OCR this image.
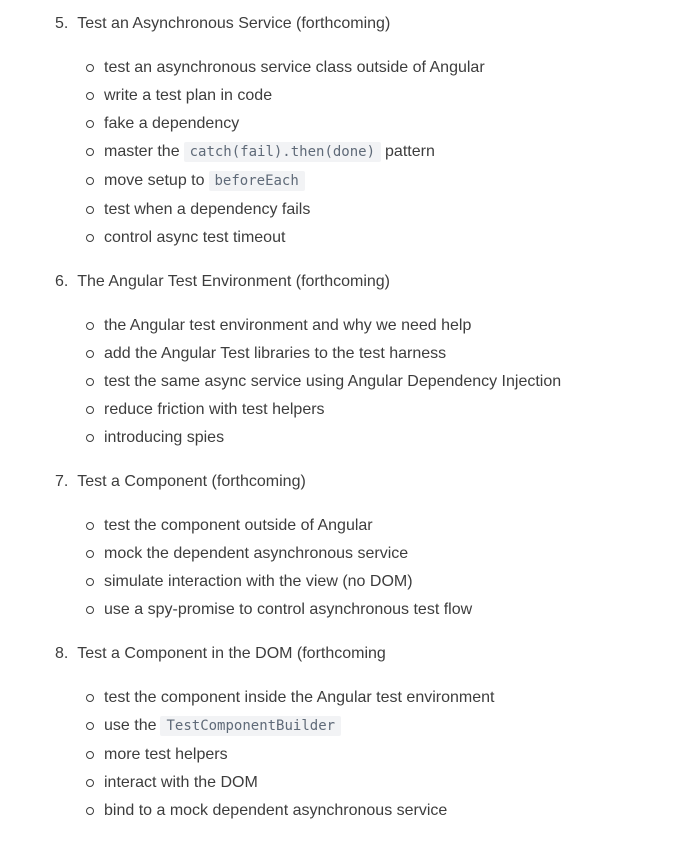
5.  Test an Asynchronous Service (forthcoming)
test an asynchronous service class outside of Angular
write a test plan in code
fake a dependency
master the catch(fail).then(done) pattern
move setup to beforeEach
test when a dependency fails
control async test timeout
6.  The Angular Test Environment (forthcoming)
the Angular test environment and why we need help
add the Angular Test libraries to the test harness
test the same async service using Angular Dependency Injection
reduce friction with test helpers
introducing spies
7.  Test a Component (forthcoming)
test the component outside of Angular
mock the dependent asynchronous service
simulate interaction with the view (no DOM)
use a spy-promise to control asynchronous test flow
8.  Test a Component in the DOM (forthcoming
test the component inside the Angular test environment
use the TestComponentBuilder
more test helpers
interact with the DOM
bind to a mock dependent asynchronous service
